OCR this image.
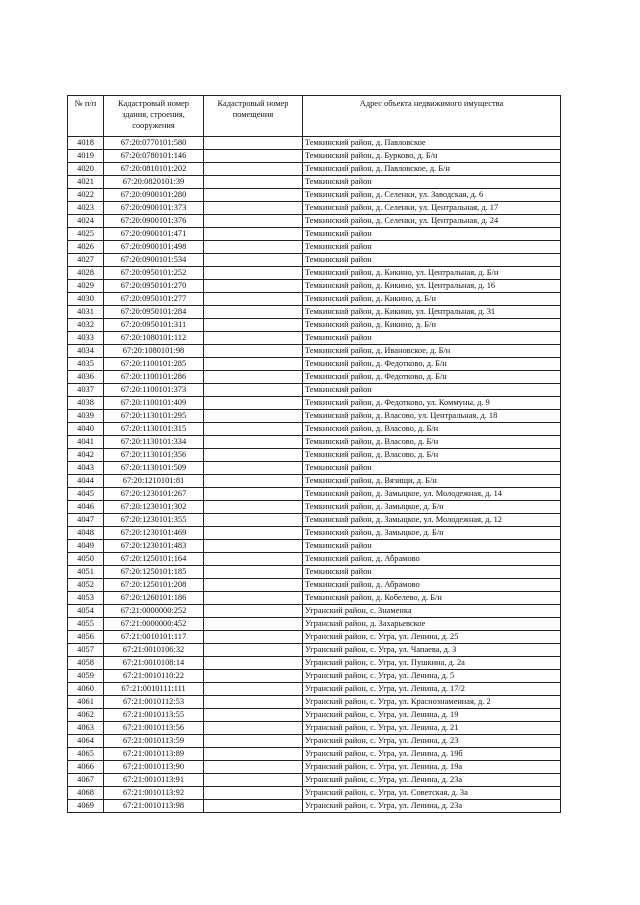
№ п/п	Кадастровый номер здания, строения, сооружения	Кадастровый номер помещения	Адрес объекта недвижимого имущества
4018	67:20:0770101:580		Темкинский район, д. Павловское
4019	67:20:0780101:146		Темкинский район, д. Бурково, д. Б/н
4020	67:20:0810101:202		Темкинский район, д. Павловское, д. Б/н
4021	67:20:0820101:39		Темкинский район
4022	67:20:0900101:280		Темкинский район, д. Селенки, ул. Заводская, д. 6
4023	67:20:0900101:373		Темкинский район, д. Селенки, ул. Центральная, д. 17
4024	67:20:0900101:376		Темкинский район, д. Селенки, ул. Центральная, д. 24
4025	67:20:0900101:471		Темкинский район
4026	67:20:0900101:498		Темкинский район
4027	67:20:0900101:534		Темкинский район
4028	67:20:0950101:252		Темкинский район, д. Кикино, ул. Центральная, д. Б/н
4029	67:20:0950101:270		Темкинский район, д. Кикино, ул. Центральная, д. 16
4030	67:20:0950101:277		Темкинский район, д. Кикино, д. Б/н
4031	67:20:0950101:284		Темкинский район, д. Кикино, ул. Центральная, д. 31
4032	67:20:0950101:311		Темкинский район, д. Кикино, д. Б/н
4033	67:20:1080101:112		Темкинский район
4034	67:20:1080101:98		Темкинский район, д. Ивановское, д. Б/н
4035	67:20:1100101:285		Темкинский район, д. Федотково, д. Б/н
4036	67:20:1100101:286		Темкинский район, д. Федотково, д. Б/н
4037	67:20:1100101:373		Темкинский район
4038	67:20:1100101:409		Темкинский район, д. Федотково, ул. Коммуны, д. 9
4039	67:20:1130101:295		Темкинский район, д. Власово, ул. Центральная, д. 18
4040	67:20:1130101:315		Темкинский район, д. Власово, д. Б/н
4041	67:20:1130101:334		Темкинский район, д. Власово, д. Б/н
4042	67:20:1130101:356		Темкинский район, д. Власово, д. Б/н
4043	67:20:1130101:509		Темкинский район
4044	67:20:1210101:81		Темкинский район, д. Вязищи, д. Б/н
4045	67:20:1230101:267		Темкинский район, д. Замыцкое, ул. Молодежная, д. 14
4046	67:20:1230101:302		Темкинский район, д. Замыцкое, д. Б/н
4047	67:20:1230101:355		Темкинский район, д. Замыцкое, ул. Молодежная, д. 12
4048	67:20:1230101:469		Темкинский район, д. Замыцкое, д. Б/н
4049	67:20:1230101:483		Темкинский район
4050	67:20:1250101:164		Темкинский район, д. Абрамово
4051	67:20:1250101:185		Темкинский район
4052	67:20:1250101:208		Темкинский район, д. Абрамово
4053	67:20:1260101:186		Темкинский район, д. Кобелево, д. Б/н
4054	67:21:0000000:252		Угранский район, с. Знаменка
4055	67:21:0000000:452		Угранский район, д. Захарьевское
4056	67:21:0010101:117		Угранский район, с. Угра, ул. Ленина, д. 25
4057	67:21:0010106:32		Угранский район, с. Угра, ул. Чапаева, д. 3
4058	67:21:0010108:14		Угранский район, с. Угра, ул. Пушкина, д. 2а
4059	67:21:0010110:22		Угранский район, с. Угра, ул. Ленина, д. 5
4060	67:21:0010111:111		Угранский район, с. Угра, ул. Ленина, д. 17/2
4061	67:21:0010112:53		Угранский район, с. Угра, ул. Краснознаменная, д. 2
4062	67:21:0010113:55		Угранский район, с. Угра, ул. Ленина, д. 19
4063	67:21:0010113:56		Угранский район, с. Угра, ул. Ленина, д. 21
4064	67:21:0010113:59		Угранский район, с. Угра, ул. Ленина, д. 23
4065	67:21:0010113:89		Угранский район, с. Угра, ул. Ленина, д. 19б
4066	67:21:0010113:90		Угранский район, с. Угра, ул. Ленина, д. 19а
4067	67:21:0010113:91		Угранский район, с. Угра, ул. Ленина, д. 23а
4068	67:21:0010113:92		Угранский район, с. Угра, ул. Советская, д. 3а
4069	67:21:0010113:98		Угранский район, с. Угра, ул. Ленина, д. 23а
